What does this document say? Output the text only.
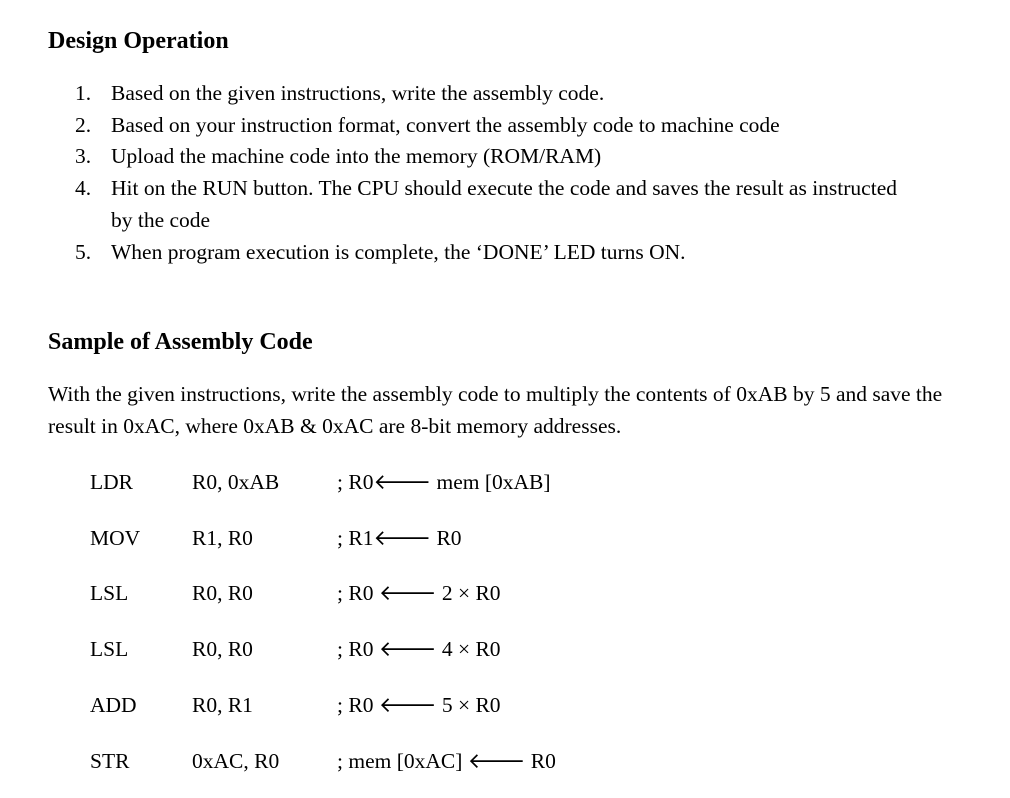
Design Operation
1. Based on the given instructions, write the assembly code.
2. Based on your instruction format, convert the assembly code to machine code
3. Upload the machine code into the memory (ROM/RAM)
4. Hit on the RUN button. The CPU should execute the code and saves the result as instructed by the code
5. When program execution is complete, the ‘DONE’ LED turns ON.
Sample of Assembly Code

With the given instructions, write the assembly code to multiply the contents of 0xAB by 5 and save the result in 0xAC, where 0xAB & 0xAC are 8-bit memory addresses.

LDR	R0, 0xAB	; R0🡐 mem [0xAB]
MOV R1, R0	; R1🡐 R0
LSL	R0, R0	; R0 🡐 2 × R0
LSL	R0, R0	; R0 🡐 4 × R0
ADD	R0, R1	; R0 🡐 5 × R0
STR	0xAC, R0	; mem [0xAC] 🡐 R0
